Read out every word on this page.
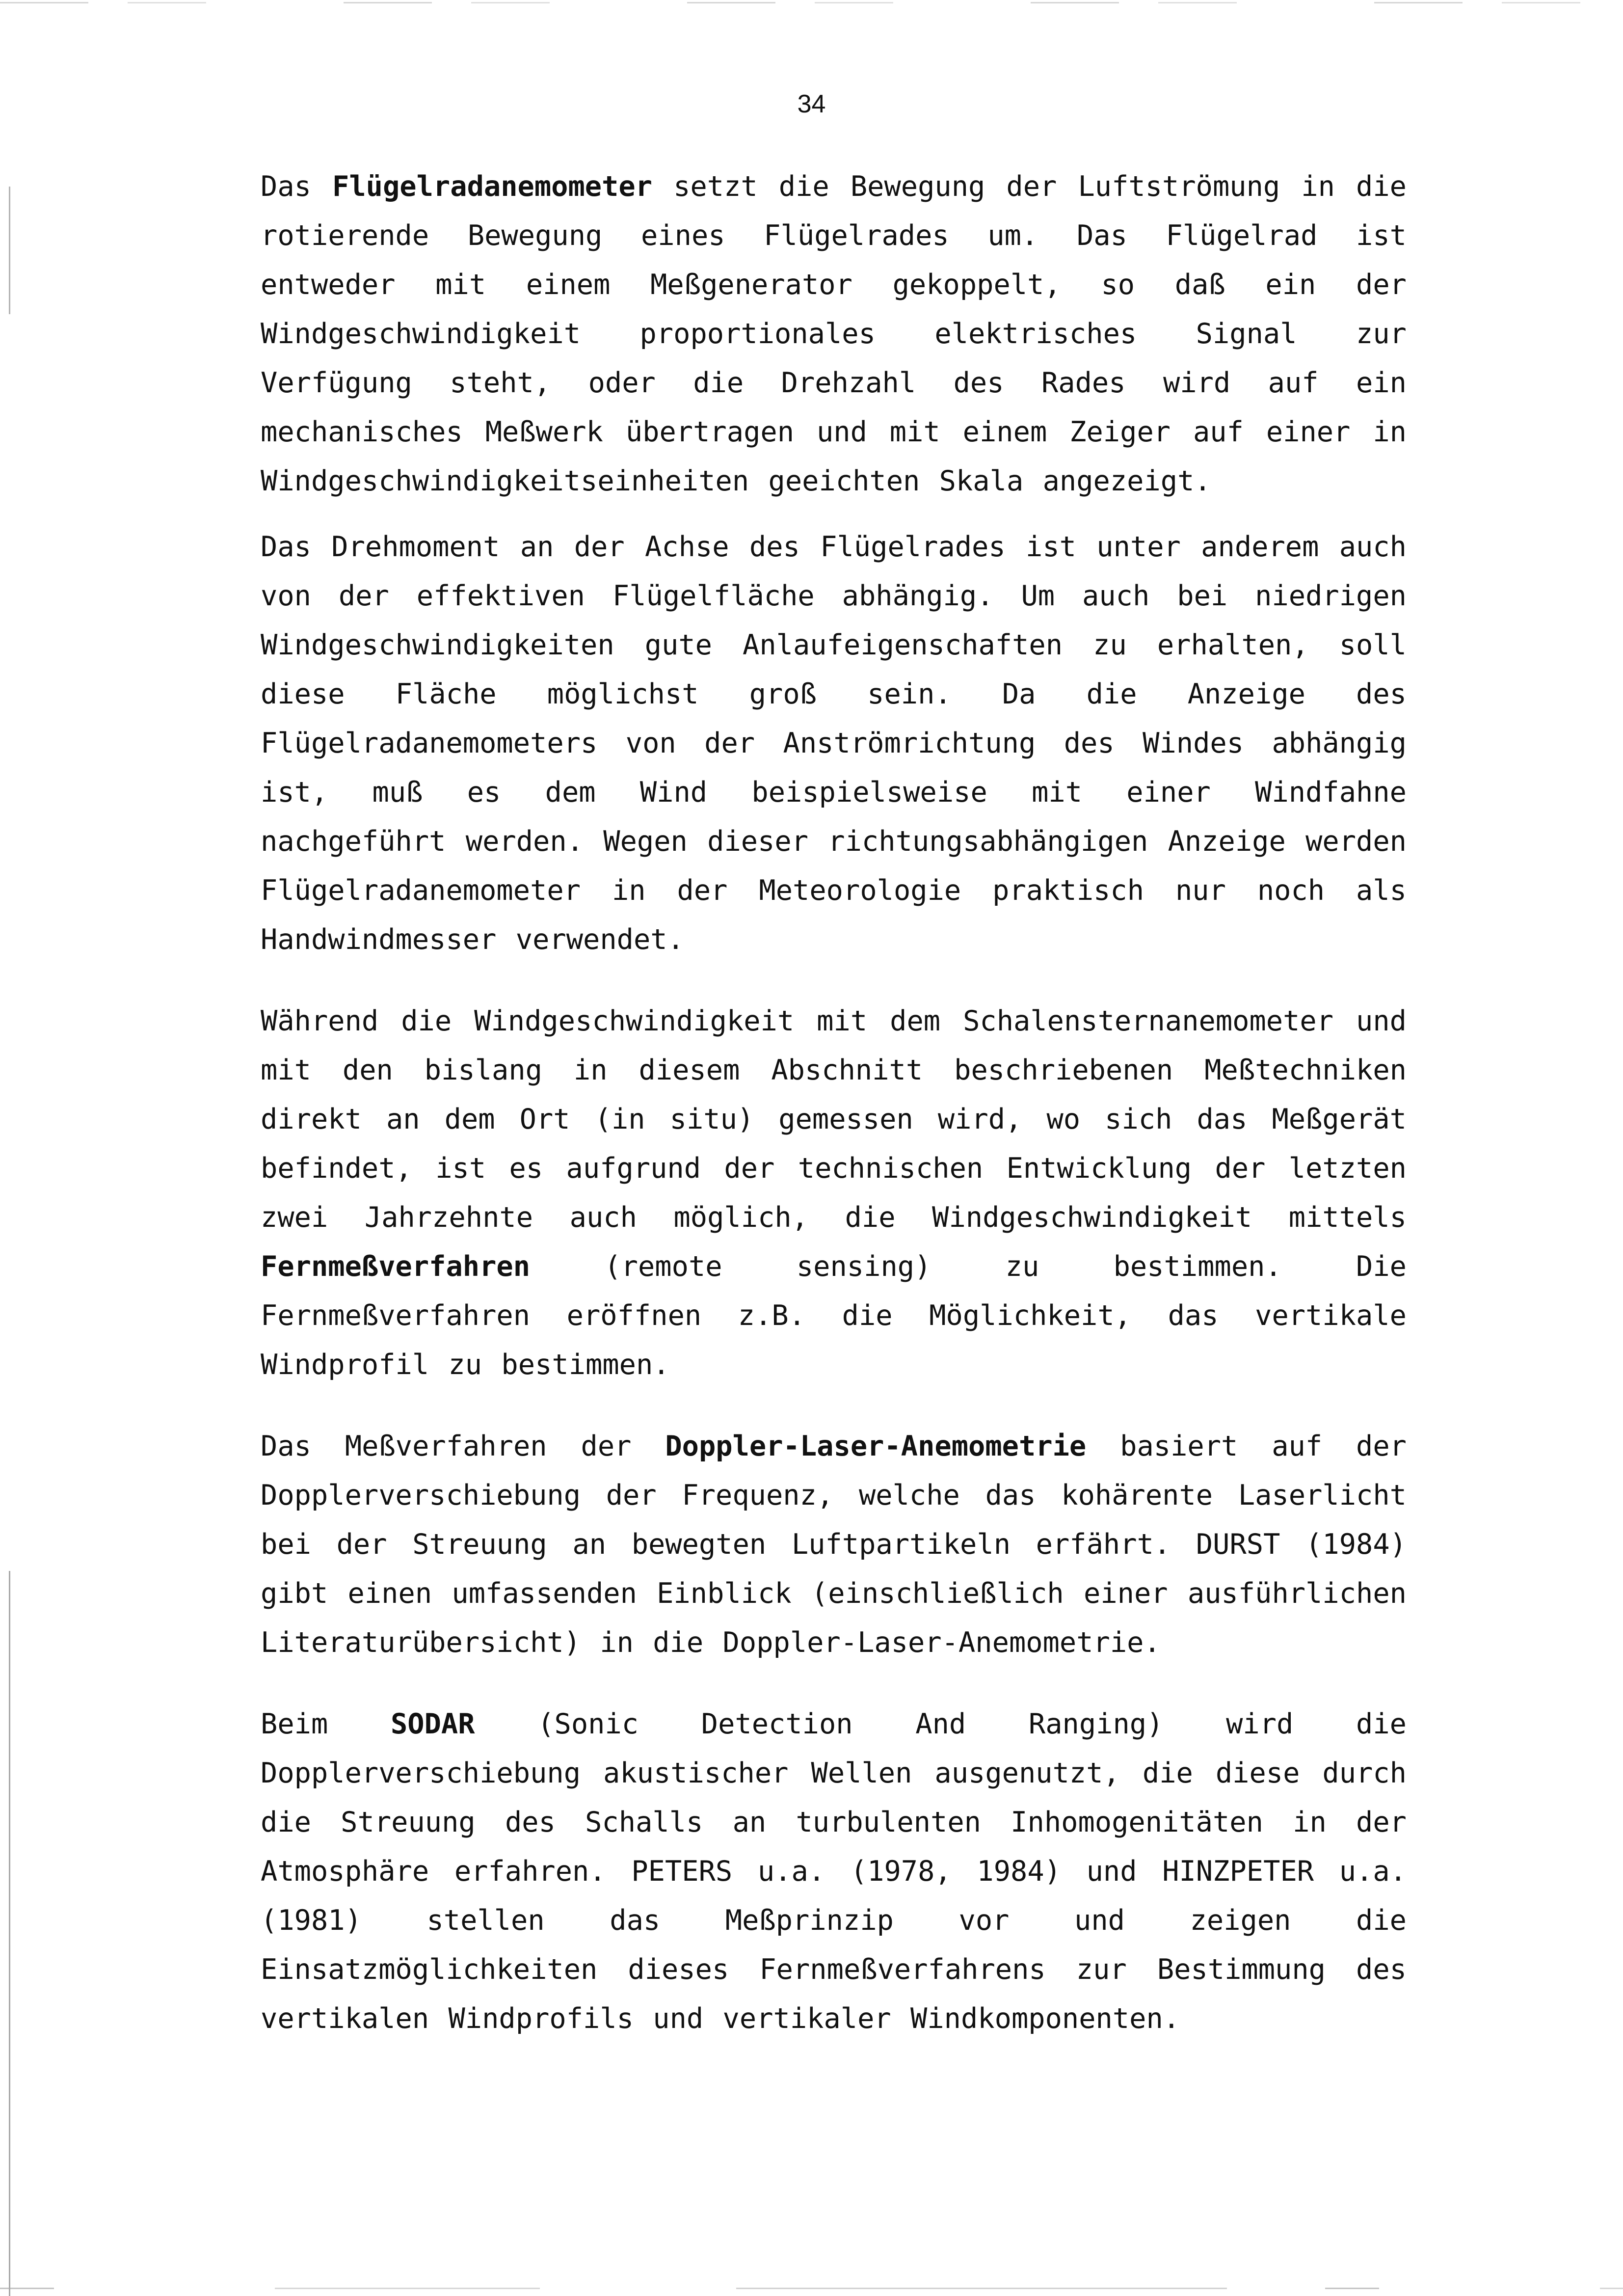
34

Das Flügelradanemometer setzt die Bewegung der Luftströmung in die rotierende Bewegung eines Flügelrades um. Das Flügelrad ist entweder mit einem Meßgenerator gekoppelt, so daß ein der Windgeschwindigkeit proportionales elektrisches Signal zur Verfügung steht, oder die Drehzahl des Rades wird auf ein mechanisches Meßwerk übertragen und mit einem Zeiger auf einer in Windgeschwindigkeitseinheiten geeichten Skala angezeigt.

Das Drehmoment an der Achse des Flügelrades ist unter anderem auch von der effektiven Flügelfläche abhängig. Um auch bei niedrigen Windgeschwindigkeiten gute Anlaufeigenschaften zu erhalten, soll diese Fläche möglichst groß sein. Da die Anzeige des Flügelradanemometers von der Anströmrichtung des Windes abhängig ist, muß es dem Wind beispielsweise mit einer Windfahne nachgeführt werden. Wegen dieser richtungsabhängigen Anzeige werden Flügelradanemometer in der Meteorologie praktisch nur noch als Handwindmesser verwendet.

Während die Windgeschwindigkeit mit dem Schalensternanemometer und mit den bislang in diesem Abschnitt beschriebenen Meßtechniken direkt an dem Ort (in situ) gemessen wird, wo sich das Meßgerät befindet, ist es aufgrund der technischen Entwicklung der letzten zwei Jahrzehnte auch möglich, die Windgeschwindigkeit mittels Fernmeßverfahren (remote sensing) zu bestimmen. Die Fernmeßverfahren eröffnen z.B. die Möglichkeit, das vertikale Windprofil zu bestimmen.

Das Meßverfahren der Doppler-Laser-Anemometrie basiert auf der Dopplerverschiebung der Frequenz, welche das kohärente Laserlicht bei der Streuung an bewegten Luftpartikeln erfährt. DURST (1984) gibt einen umfassenden Einblick (einschließlich einer ausführlichen Literaturübersicht) in die Doppler-Laser-Anemometrie.

Beim SODAR (Sonic Detection And Ranging) wird die Dopplerverschiebung akustischer Wellen ausgenutzt, die diese durch die Streuung des Schalls an turbulenten Inhomogenitäten in der Atmosphäre erfahren. PETERS u.a. (1978, 1984) und HINZPETER u.a. (1981) stellen das Meßprinzip vor und zeigen die Einsatzmöglichkeiten dieses Fernmeßverfahrens zur Bestimmung des vertikalen Windprofils und vertikaler Windkomponenten.
